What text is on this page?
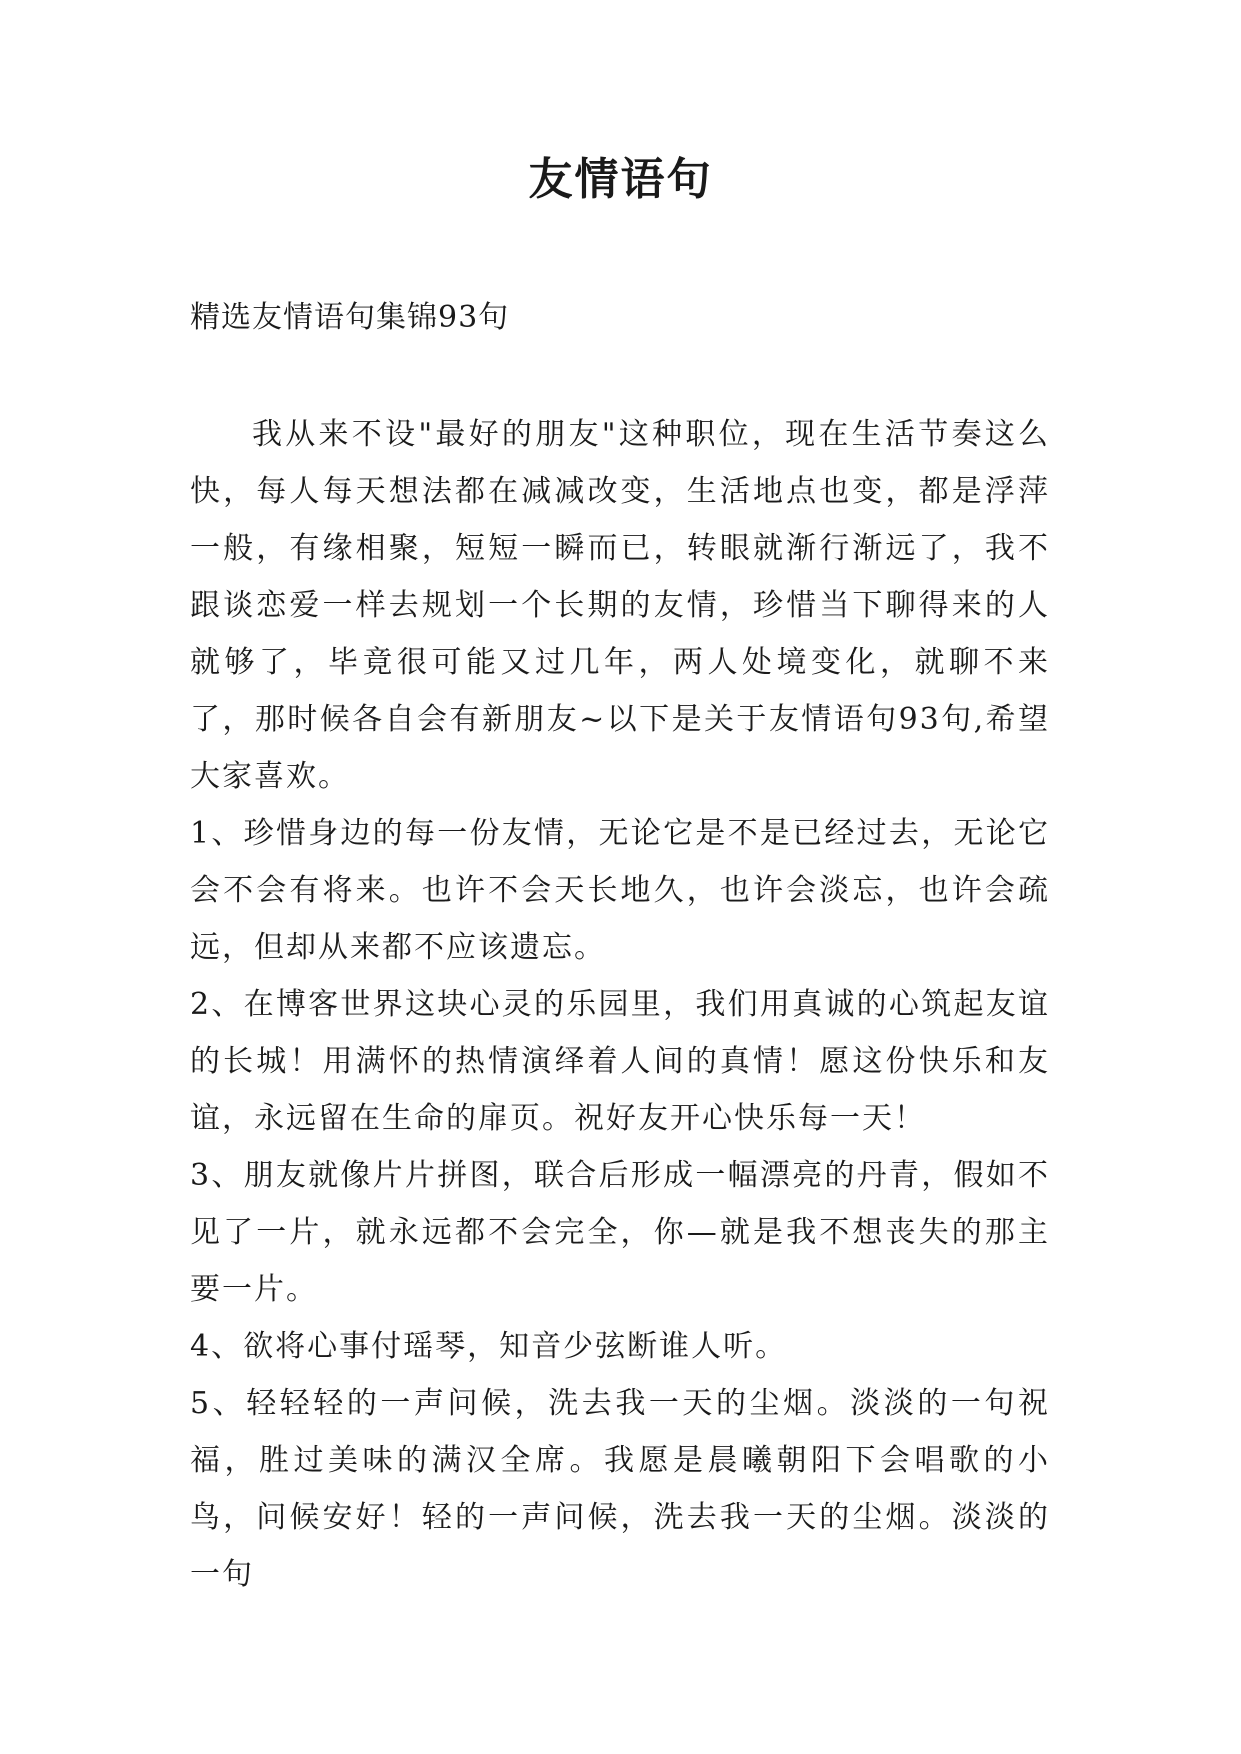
友情语句

精选友情语句集锦93句

我从来不设"最好的朋友"这种职位，现在生活节奏这么快，每人每天想法都在减减改变，生活地点也变，都是浮萍一般，有缘相聚，短短一瞬而已，转眼就渐行渐远了，我不跟谈恋爱一样去规划一个长期的友情，珍惜当下聊得来的人就够了，毕竟很可能又过几年，两人处境变化，就聊不来了，那时候各自会有新朋友~以下是关于友情语句93句,希望大家喜欢。

1、珍惜身边的每一份友情，无论它是不是已经过去，无论它会不会有将来。也许不会天长地久，也许会淡忘，也许会疏远，但却从来都不应该遗忘。

2、在博客世界这块心灵的乐园里，我们用真诚的心筑起友谊的长城！用满怀的热情演绎着人间的真情！愿这份快乐和友谊，永远留在生命的扉页。祝好友开心快乐每一天！

3、朋友就像片片拼图，联合后形成一幅漂亮的丹青，假如不见了一片，就永远都不会完全，你—就是我不想丧失的那主要一片。

4、欲将心事付瑶琴，知音少弦断谁人听。

5、轻轻轻的一声问候，洗去我一天的尘烟。淡淡的一句祝福，胜过美味的满汉全席。我愿是晨曦朝阳下会唱歌的小鸟，问候安好！轻的一声问候，洗去我一天的尘烟。淡淡的一句
